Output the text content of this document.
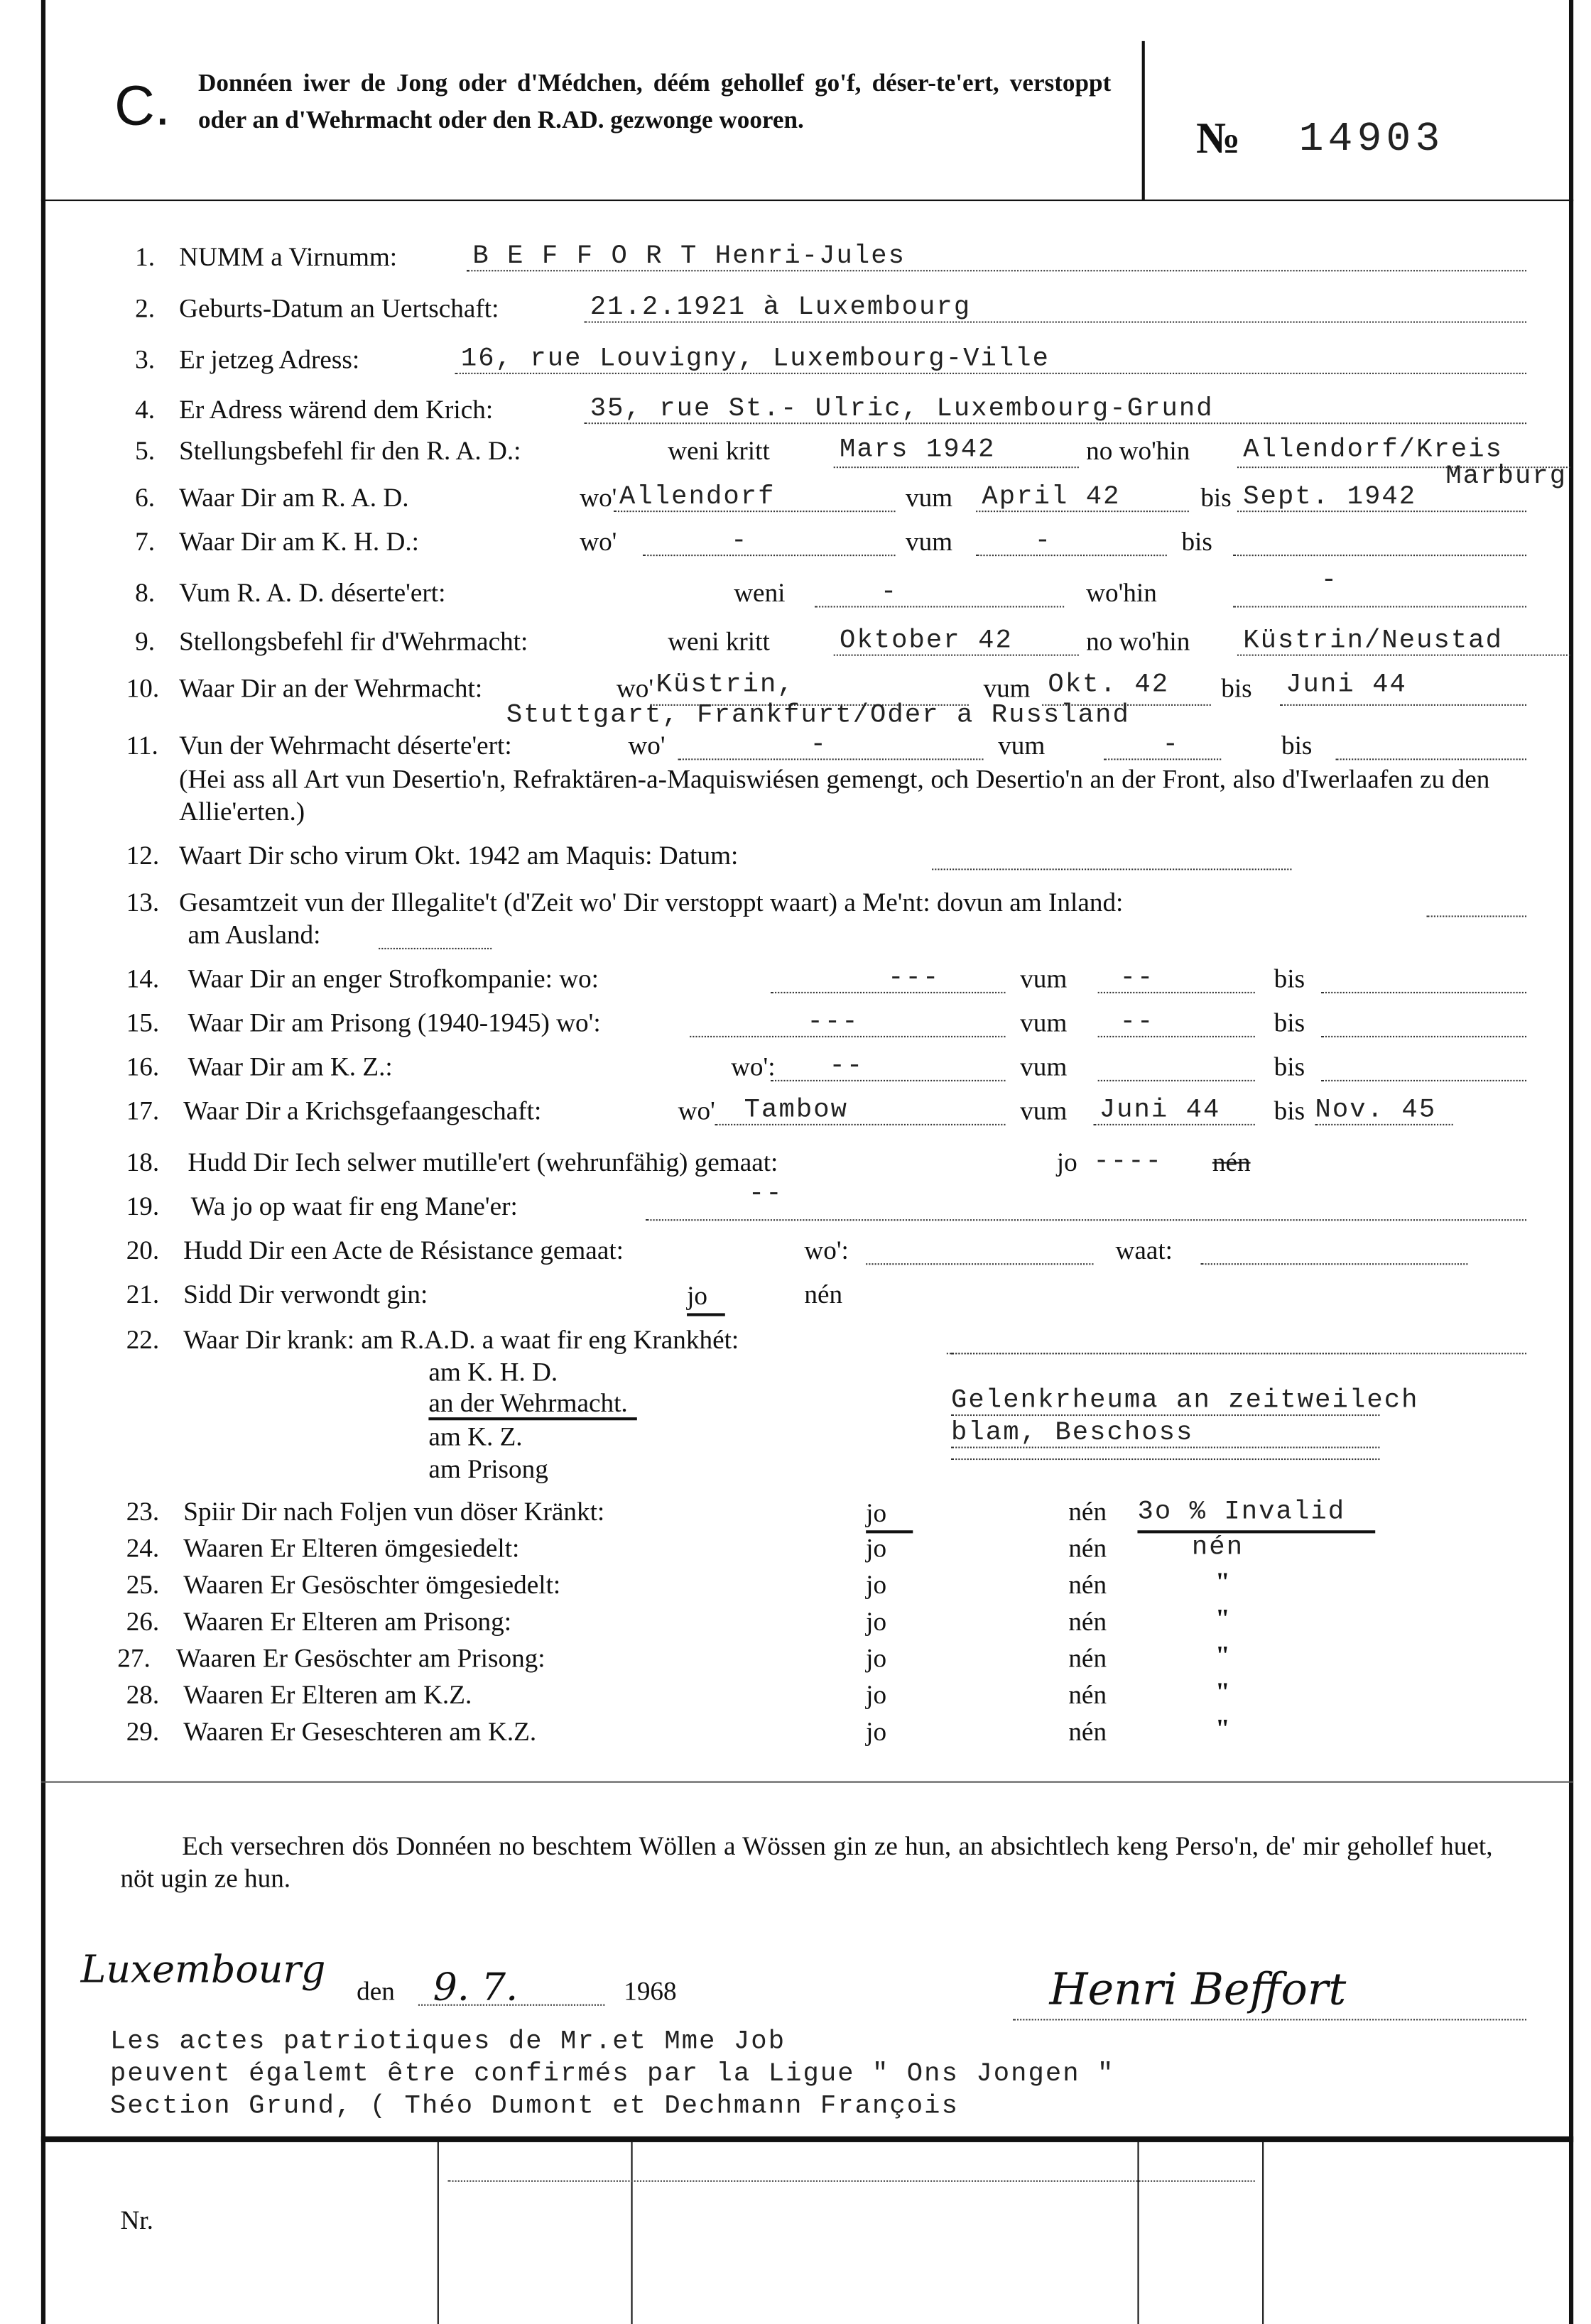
C. Donnéen iwer de Jong oder d'Médchen, déém gehollef go'f, déser-te'ert, verstoppt oder an d'Wehrmacht oder den R.AD. gezwonge wooren.	№	14903
1. NUMM a Virnumm:	B E F F O R T Henri-Jules
2. Geburts-Datum an Uertschaft:	21.2.1921 à Luxembourg
3. Er jetzeg Adress:	16, rue Louvigny, Luxembourg-Ville
4. Er Adress wärend dem Krich:	35, rue St.- Ulric, Luxembourg-Grund
5. Stellungsbefehl fir den R. A. D.:	weni kritt	Mars 1942	no wo'hin	Allendorf/Kreis
Marburg
6. Waar Dir am R. A. D.	wo' Allendorf	vum April 42	bis Sept. 1942
7. Waar Dir am K. H. D.:	wo'	-	vum	-	bis
8. Vum R. A. D. déserte'ert:	weni	-	wo'hin	-
9. Stellongsbefehl fir d'Wehrmacht:	weni kritt	Oktober 42	no wo'hin	Küstrin/Neustad
10. Waar Dir an der Wehrmacht:	wo' Küstrin,	vum Okt. 42	bis	Juni 44
Stuttgart, Frankfurt/Oder a Russland
11. Vun der Wehrmacht déserte'ert:	wo'	-	vum	-	bis
(Hei ass all Art vun Desertio'n, Refraktären-a-Maquiswiésen gemengt, och Desertio'n an der Front, also d'Iwerlaafen zu den Allie'erten.)
12. Waart Dir scho virum Okt. 1942 am Maquis: Datum:
13. Gesamtzeit vun der Illegalite't (d'Zeit wo' Dir verstoppt waart) a Me'nt: dovun am Inland:
am Ausland:
14. Waar Dir an enger Strofkompanie: wo:	---	vum	--	bis
15. Waar Dir am Prisong (1940-1945) wo':	---	vum	--	bis
16. Waar Dir am K. Z.:	wo':	--	vum	bis
17. Waar Dir a Krichsgefaangeschaft:	wo' Tambow	vum	Juni 44	bis Nov. 45
18. Hudd Dir Iech selwer mutille'ert (wehrunfähig) gemaat:	jo ----	nén
19. Wa jo op waat fir eng Mane'er:	--
20. Hudd Dir een Acte de Résistance gemaat:	wo':	waat:
21. Sidd Dir verwondt gin:	jo	nén
22. Waar Dir krank: am R.A.D. a waat fir eng Krankhét:
am K. H. D.
an der Wehrmacht.
am K. Z.
am Prisong
Gelenkrheuma an zeitweilech
blam, Beschoss
23. Spiir Dir nach Foljen vun döser Kränkt:	jo	nén 3o % Invalid
24. Waaren Er Elteren ömgesiedelt:	jo	nén	nén
25. Waaren Er Gesöschter ömgesiedelt:	jo	nén	"
26. Waaren Er Elteren am Prisong:	jo	nén	"
27. Waaren Er Gesöschter am Prisong:	jo	nén	"
28. Waaren Er Elteren am K.Z.	jo	nén	"
29. Waaren Er Geseschteren am K.Z.	jo	nén	"
Ech versechren dös Donnéen no beschtem Wöllen a Wössen gin ze hun, an absichtlech keng Perso'n, de' mir gehollef huet, nöt ugin ze hun.
Luxembourg den 9. 7.	1968	Henri Beffort
Les actes patriotiques de Mr.et Mme Job
peuvent égalemt être confirmés par la Ligue " Ons Jongen "
Section Grund, ( Théo Dumont et Dechmann François
Nr.
